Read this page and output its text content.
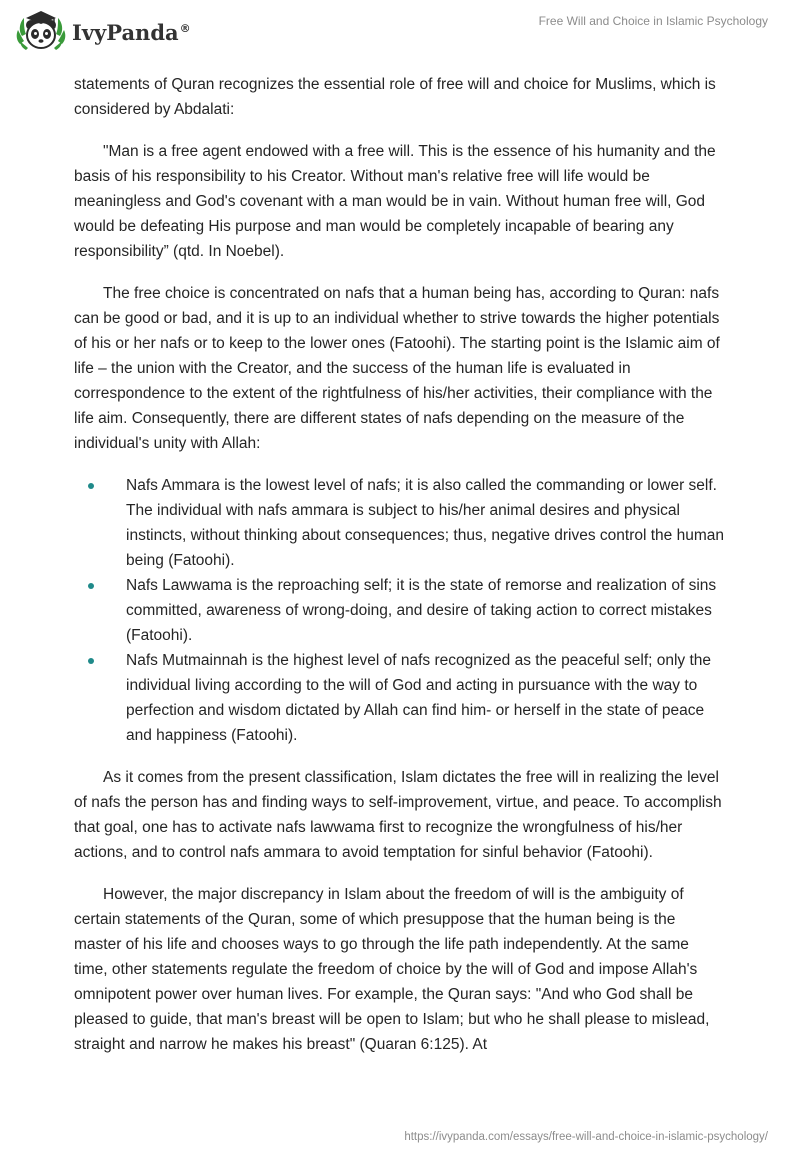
IvyPanda®	Free Will and Choice in Islamic Psychology

statements of Quran recognizes the essential role of free will and choice for Muslims, which is considered by Abdalati:

"Man is a free agent endowed with a free will. This is the essence of his humanity and the basis of his responsibility to his Creator. Without man's relative free will life would be meaningless and God's covenant with a man would be in vain. Without human free will, God would be defeating His purpose and man would be completely incapable of bearing any responsibility” (qtd. In Noebel).

The free choice is concentrated on nafs that a human being has, according to Quran: nafs can be good or bad, and it is up to an individual whether to strive towards the higher potentials of his or her nafs or to keep to the lower ones (Fatoohi). The starting point is the Islamic aim of life – the union with the Creator, and the success of the human life is evaluated in correspondence to the extent of the rightfulness of his/her activities, their compliance with the life aim. Consequently, there are different states of nafs depending on the measure of the individual's unity with Allah:

Nafs Ammara is the lowest level of nafs; it is also called the commanding or lower self. The individual with nafs ammara is subject to his/her animal desires and physical instincts, without thinking about consequences; thus, negative drives control the human being (Fatoohi).
Nafs Lawwama is the reproaching self; it is the state of remorse and realization of sins committed, awareness of wrong-doing, and desire of taking action to correct mistakes (Fatoohi).
Nafs Mutmainnah is the highest level of nafs recognized as the peaceful self; only the individual living according to the will of God and acting in pursuance with the way to perfection and wisdom dictated by Allah can find him- or herself in the state of peace and happiness (Fatoohi).

As it comes from the present classification, Islam dictates the free will in realizing the level of nafs the person has and finding ways to self-improvement, virtue, and peace. To accomplish that goal, one has to activate nafs lawwama first to recognize the wrongfulness of his/her actions, and to control nafs ammara to avoid temptation for sinful behavior (Fatoohi).

However, the major discrepancy in Islam about the freedom of will is the ambiguity of certain statements of the Quran, some of which presuppose that the human being is the master of his life and chooses ways to go through the life path independently. At the same time, other statements regulate the freedom of choice by the will of God and impose Allah's omnipotent power over human lives. For example, the Quran says: "And who God shall be pleased to guide, that man's breast will be open to Islam; but who he shall please to mislead, straight and narrow he makes his breast" (Quaran 6:125). At

https://ivypanda.com/essays/free-will-and-choice-in-islamic-psychology/
